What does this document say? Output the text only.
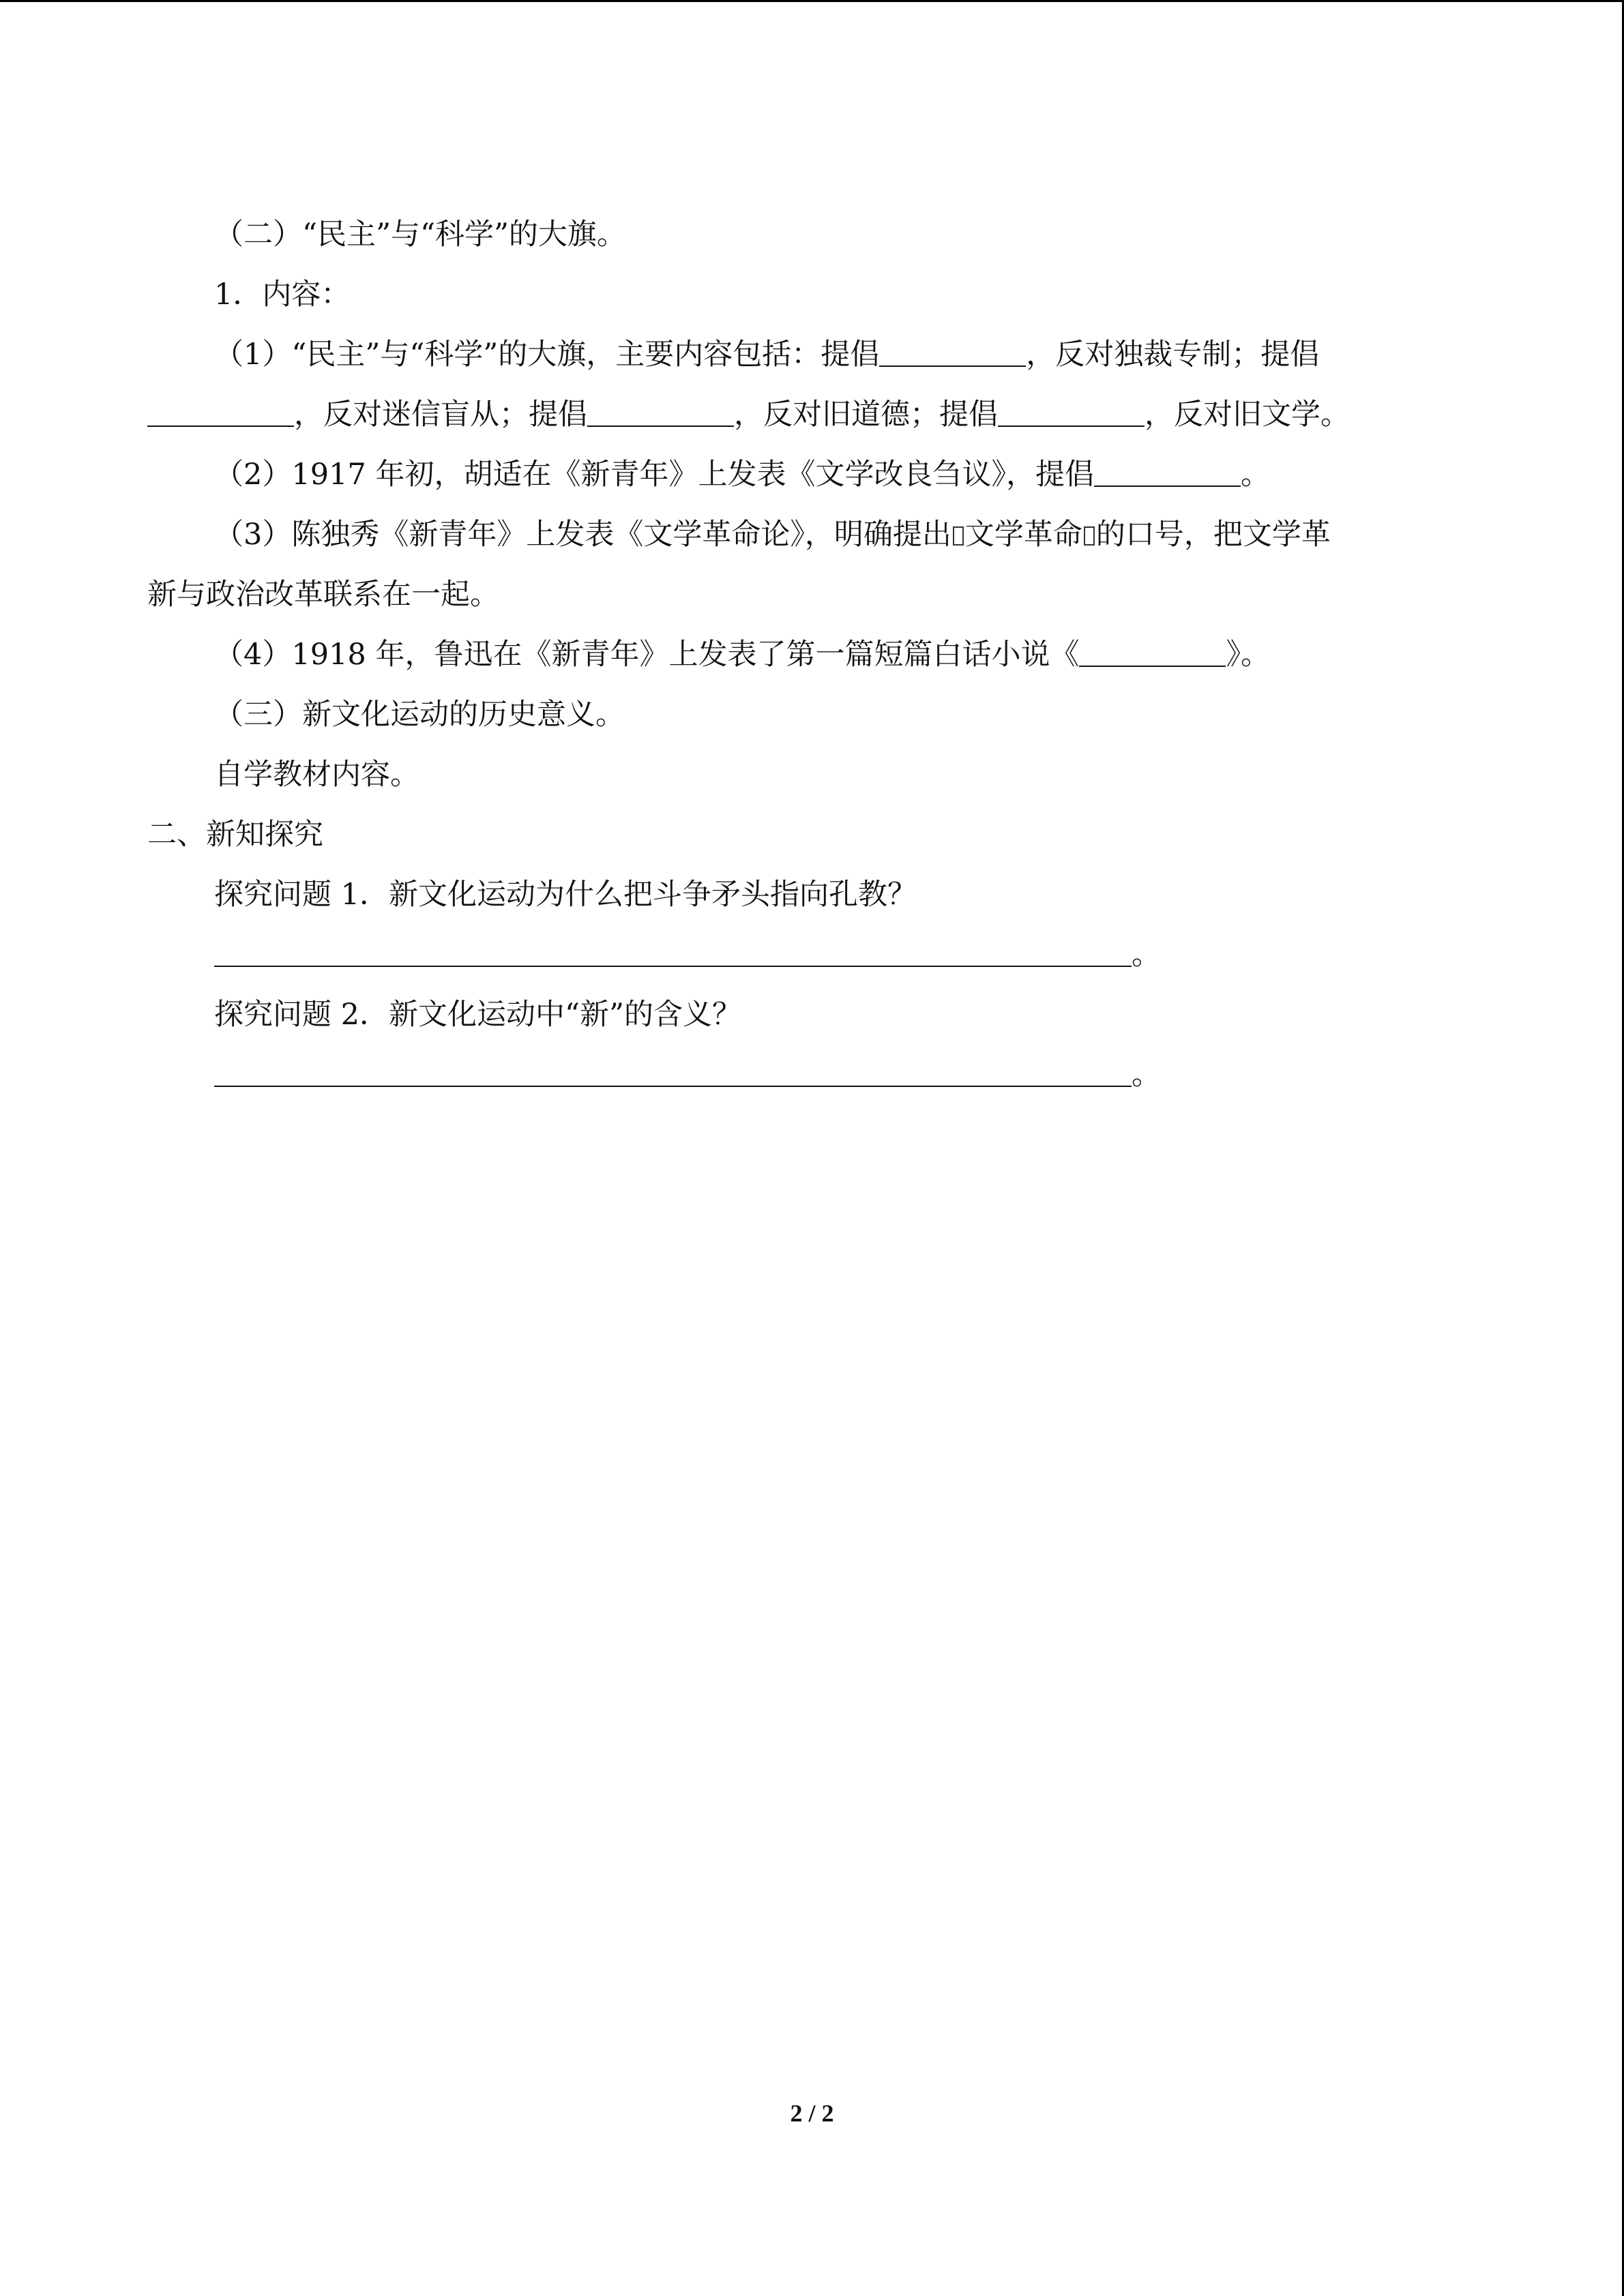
（二）“民主”与“科学”的大旗。

1．内容：

（1）“民主”与“科学”的大旗，主要内容包括：提倡	，反对独裁专制；提倡

，反对迷信盲从；提倡	，反对旧道德；提倡	，反对旧文学。

（2）1917 年初，胡适在《新青年》上发表《文学改良刍议》，提倡	。

（3）陈独秀《新青年》上发表《文学革命论》，明确提出 文学革命 的口号，把文学革

新与政治改革联系在一起。

（4）1918 年，鲁迅在《新青年》上发表了第一篇短篇白话小说《	》。

（三）新文化运动的历史意义。

自学教材内容。

二、新知探究

探究问题 1．新文化运动为什么把斗争矛头指向孔教？

。

探究问题 2．新文化运动中“新”的含义？

。

2 / 2
